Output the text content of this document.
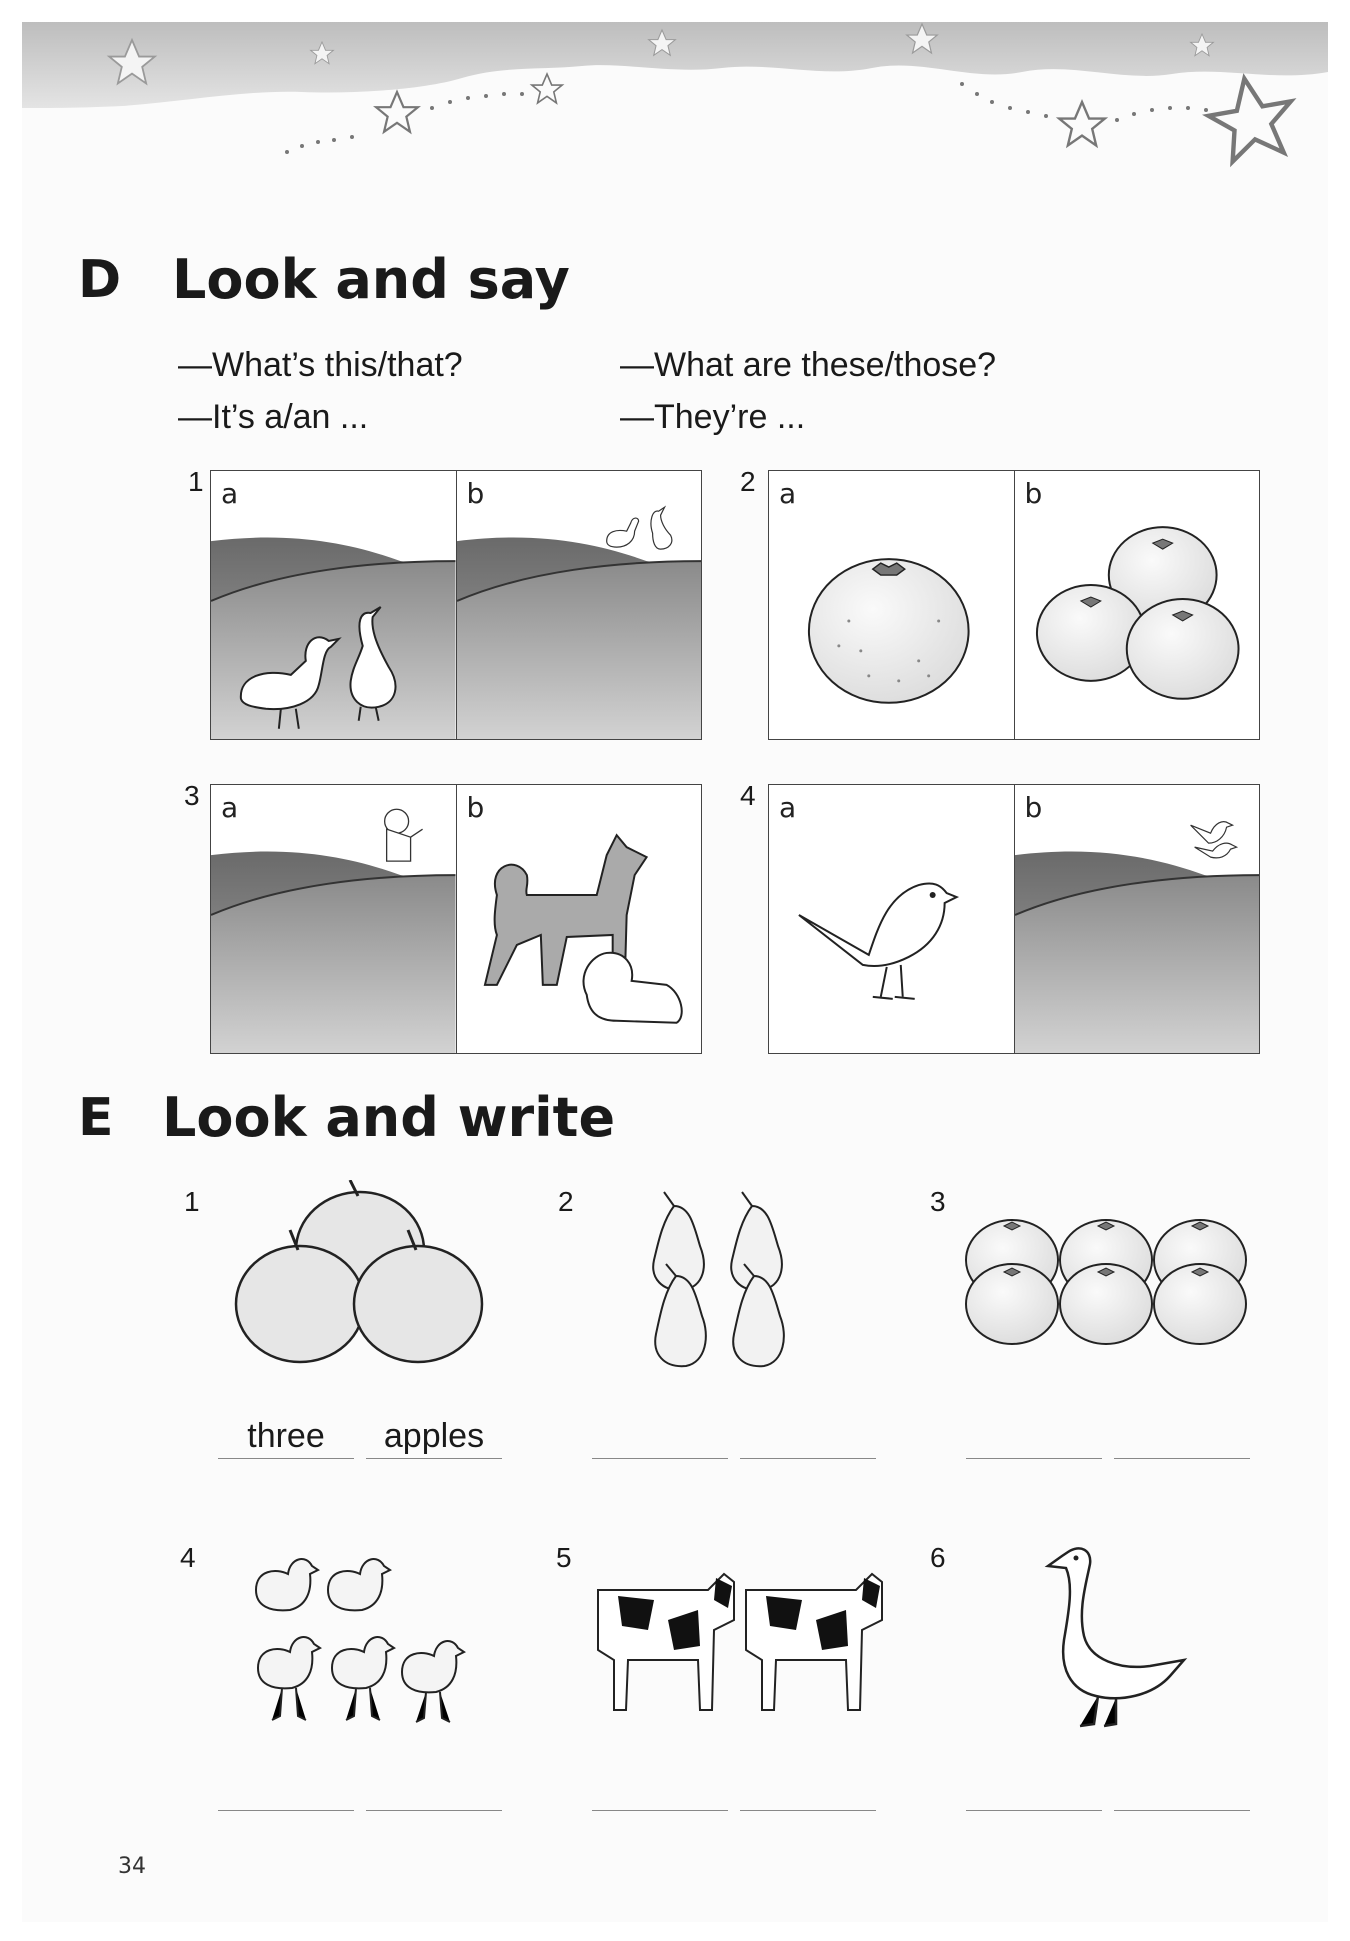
D Look and say
—What’s this/that?
—It’s a/an ...
—What are these/those?
—They’re ...
1 a	b	2 a	b
3 a	b	4 a	b
E Look and write
1
three	apples
2	3
4	5	6
34
